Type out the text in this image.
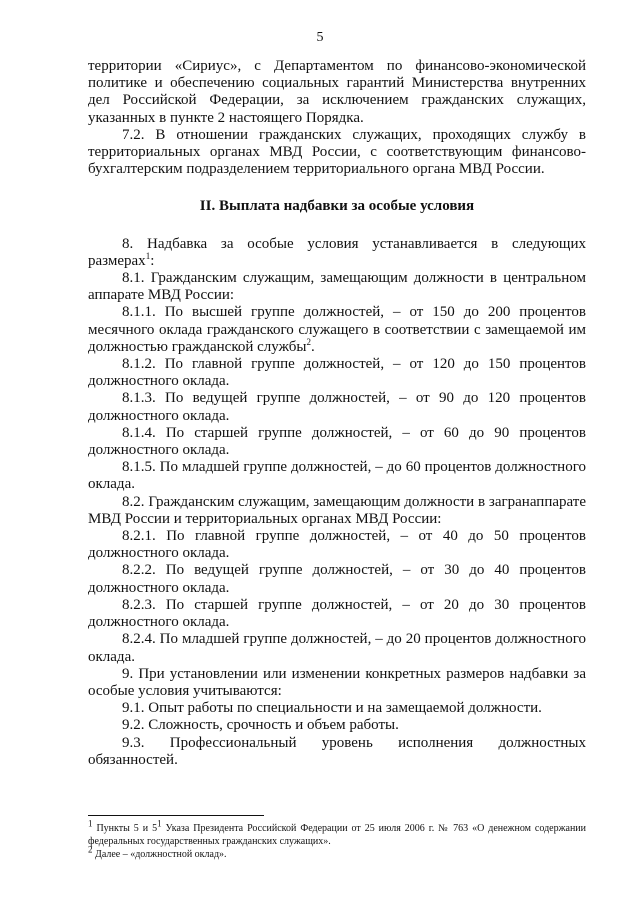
5

территории «Сириус», с Департаментом по финансово-экономической политике и обеспечению социальных гарантий Министерства внутренних дел Российской Федерации, за исключением гражданских служащих, указанных в пункте 2 настоящего Порядка.

7.2. В отношении гражданских служащих, проходящих службу в территориальных органах МВД России, с соответствующим финансово-бухгалтерским подразделением территориального органа МВД России.

II. Выплата надбавки за особые условия

8. Надбавка за особые условия устанавливается в следующих размерах$^1$:

8.1. Гражданским служащим, замещающим должности в центральном аппарате МВД России:

8.1.1. По высшей группе должностей, – от 150 до 200 процентов месячного оклада гражданского служащего в соответствии с замещаемой им должностью гражданской службы$^2$.

8.1.2. По главной группе должностей, – от 120 до 150 процентов должностного оклада.

8.1.3. По ведущей группе должностей, – от 90 до 120 процентов должностного оклада.

8.1.4. По старшей группе должностей, – от 60 до 90 процентов должностного оклада.

8.1.5. По младшей группе должностей, – до 60 процентов должностного оклада.

8.2. Гражданским служащим, замещающим должности в загранаппарате МВД России и территориальных органах МВД России:

8.2.1. По главной группе должностей, – от 40 до 50 процентов должностного оклада.

8.2.2. По ведущей группе должностей, – от 30 до 40 процентов должностного оклада.

8.2.3. По старшей группе должностей, – от 20 до 30 процентов должностного оклада.

8.2.4. По младшей группе должностей, – до 20 процентов должностного оклада.

9. При установлении или изменении конкретных размеров надбавки за особые условия учитываются:

9.1. Опыт работы по специальности и на замещаемой должности.

9.2. Сложность, срочность и объем работы.

9.3. Профессиональный уровень исполнения должностных обязанностей.

$^1$ Пункты 5 и $5^1$ Указа Президента Российской Федерации от 25 июля 2006 г. № 763 «О денежном содержании федеральных государственных гражданских служащих».

$^2$ Далее – «должностной оклад».
